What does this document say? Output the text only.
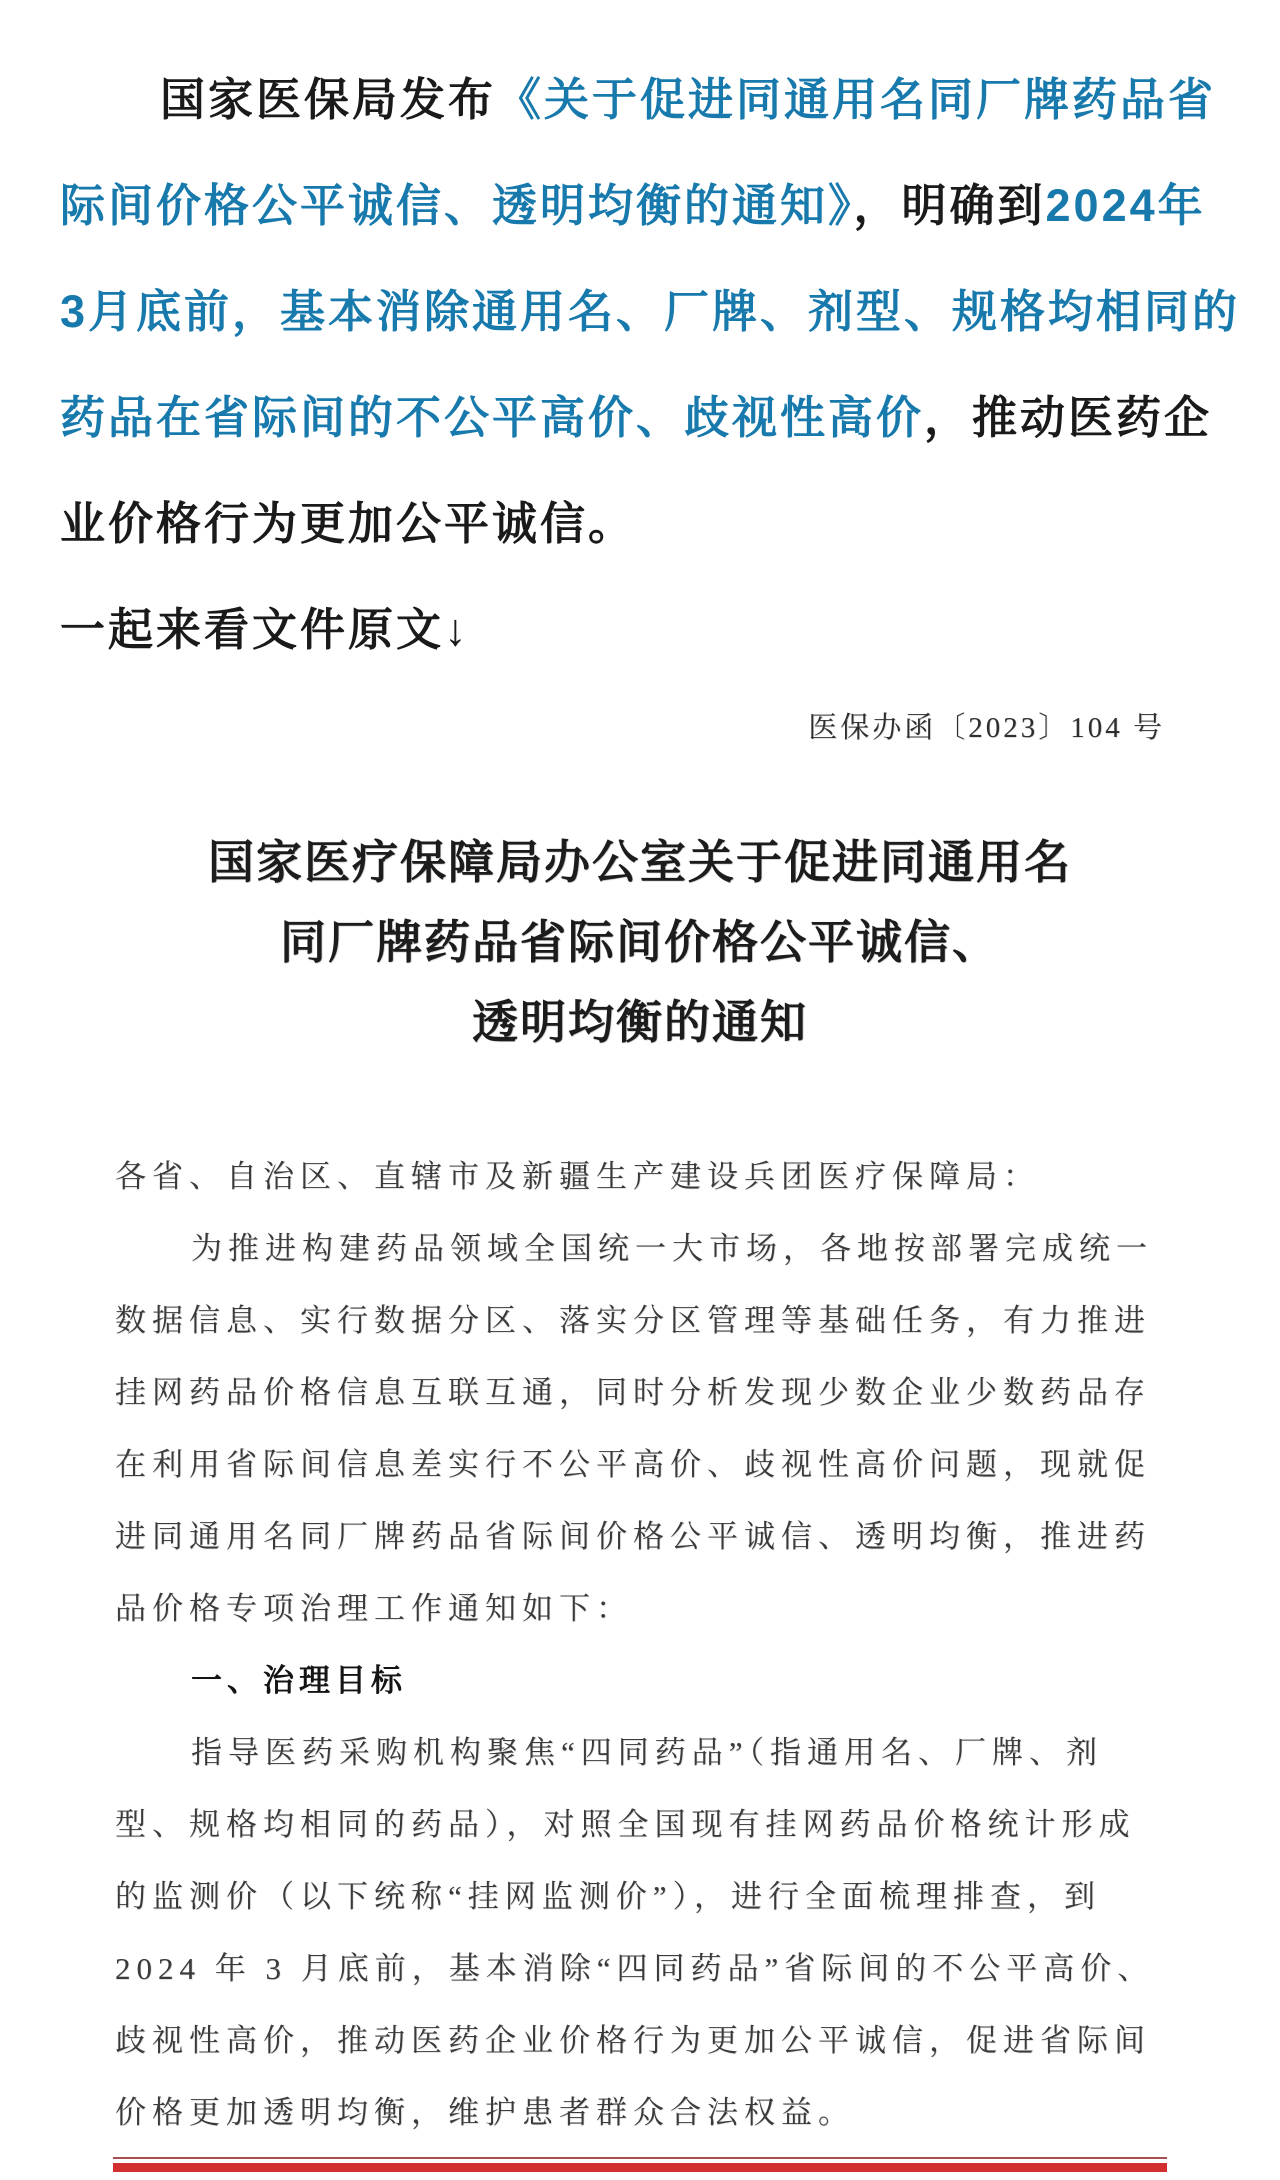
国家医保局发布《关于促进同通用名同厂牌药品省
际间价格公平诚信、透明均衡的通知》，明确到2024年
3月底前，基本消除通用名、厂牌、剂型、规格均相同的
药品在省际间的不公平高价、歧视性高价，推动医药企
业价格行为更加公平诚信。
一起来看文件原文↓
医保办函〔2023〕104 号
国家医疗保障局办公室关于促进同通用名
同厂牌药品省际间价格公平诚信、
透明均衡的通知
各省、自治区、直辖市及新疆生产建设兵团医疗保障局：
为推进构建药品领域全国统一大市场，各地按部署完成统一
数据信息、实行数据分区、落实分区管理等基础任务，有力推进
挂网药品价格信息互联互通，同时分析发现少数企业少数药品存
在利用省际间信息差实行不公平高价、歧视性高价问题，现就促
进同通用名同厂牌药品省际间价格公平诚信、透明均衡，推进药
品价格专项治理工作通知如下：
一、治理目标
指导医药采购机构聚焦“四同药品”（指通用名、厂牌、剂
型、规格均相同的药品），对照全国现有挂网药品价格统计形成
的监测价（以下统称“挂网监测价”），进行全面梳理排查，到
2024 年 3 月底前，基本消除“四同药品”省际间的不公平高价、
歧视性高价，推动医药企业价格行为更加公平诚信，促进省际间
价格更加透明均衡，维护患者群众合法权益。
